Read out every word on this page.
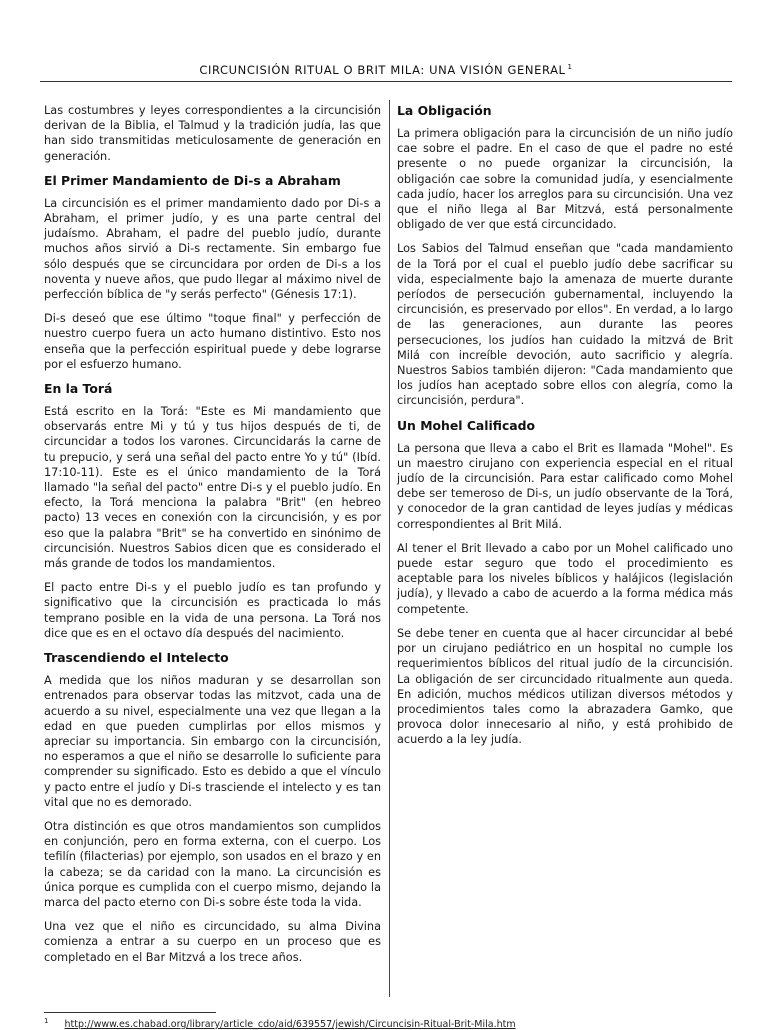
CIRCUNCISIÓN RITUAL O BRIT MILA: UNA VISIÓN GENERAL $^1$

Las costumbres y leyes correspondientes a la circuncisión derivan de la Biblia, el Talmud y la tradición judía, las que han sido transmitidas meticulosamente de generación en generación.

El Primer Mandamiento de Di-s a Abraham

La circuncisión es el primer mandamiento dado por Di-s a Abraham, el primer judío, y es una parte central del judaísmo. Abraham, el padre del pueblo judío, durante muchos años sirvió a Di-s rectamente. Sin embargo fue sólo después que se circuncidara por orden de Di-s a los noventa y nueve años, que pudo llegar al máximo nivel de perfección bíblica de "y serás perfecto" (Génesis 17:1).

Di-s deseó que ese último "toque final" y perfección de nuestro cuerpo fuera un acto humano distintivo. Esto nos enseña que la perfección espiritual puede y debe lograrse por el esfuerzo humano.

En la Torá

Está escrito en la Torá: "Este es Mi mandamiento que observarás entre Mi y tú y tus hijos después de ti, de circuncidar a todos los varones. Circuncidarás la carne de tu prepucio, y será una señal del pacto entre Yo y tú" (Ibíd. 17:10-11). Este es el único mandamiento de la Torá llamado "la señal del pacto" entre Di-s y el pueblo judío. En efecto, la Torá menciona la palabra "Brit" (en hebreo pacto) 13 veces en conexión con la circuncisión, y es por eso que la palabra "Brit" se ha convertido en sinónimo de circuncisión. Nuestros Sabios dicen que es considerado el más grande de todos los mandamientos.

El pacto entre Di-s y el pueblo judío es tan profundo y significativo que la circuncisión es practicada lo más temprano posible en la vida de una persona. La Torá nos dice que es en el octavo día después del nacimiento.

Trascendiendo el Intelecto

A medida que los niños maduran y se desarrollan son entrenados para observar todas las mitzvot, cada una de acuerdo a su nivel, especialmente una vez que llegan a la edad en que pueden cumplirlas por ellos mismos y apreciar su importancia. Sin embargo con la circuncisión, no esperamos a que el niño se desarrolle lo suficiente para comprender su significado. Esto es debido a que el vínculo y pacto entre el judío y Di-s trasciende el intelecto y es tan vital que no es demorado.

Otra distinción es que otros mandamientos son cumplidos en conjunción, pero en forma externa, con el cuerpo. Los tefilín (filacterias) por ejemplo, son usados en el brazo y en la cabeza; se da caridad con la mano. La circuncisión es única porque es cumplida con el cuerpo mismo, dejando la marca del pacto eterno con Di-s sobre éste toda la vida.

Una vez que el niño es circuncidado, su alma Divina comienza a entrar a su cuerpo en un proceso que es completado en el Bar Mitzvá a los trece años.

La Obligación

La primera obligación para la circuncisión de un niño judío cae sobre el padre. En el caso de que el padre no esté presente o no puede organizar la circuncisión, la obligación cae sobre la comunidad judía, y esencialmente cada judío, hacer los arreglos para su circuncisión. Una vez que el niño llega al Bar Mitzvá, está personalmente obligado de ver que está circuncidado.

Los Sabios del Talmud enseñan que "cada mandamiento de la Torá por el cual el pueblo judío debe sacrificar su vida, especialmente bajo la amenaza de muerte durante períodos de persecución gubernamental, incluyendo la circuncisión, es preservado por ellos". En verdad, a lo largo de las generaciones, aun durante las peores persecuciones, los judíos han cuidado la mitzvá de Brit Milá con increíble devoción, auto sacrificio y alegría. Nuestros Sabios también dijeron: "Cada mandamiento que los judíos han aceptado sobre ellos con alegría, como la circuncisión, perdura".

Un Mohel Calificado

La persona que lleva a cabo el Brit es llamada "Mohel". Es un maestro cirujano con experiencia especial en el ritual judío de la circuncisión. Para estar calificado como Mohel debe ser temeroso de Di-s, un judío observante de la Torá, y conocedor de la gran cantidad de leyes judías y médicas correspondientes al Brit Milá.

Al tener el Brit llevado a cabo por un Mohel calificado uno puede estar seguro que todo el procedimiento es aceptable para los niveles bíblicos y halájicos (legislación judía), y llevado a cabo de acuerdo a la forma médica más competente.

Se debe tener en cuenta que al hacer circuncidar al bebé por un cirujano pediátrico en un hospital no cumple los requerimientos bíblicos del ritual judío de la circuncisión. La obligación de ser circuncidado ritualmente aun queda. En adición, muchos médicos utilizan diversos métodos y procedimientos tales como la abrazadera Gamko, que provoca dolor innecesario al niño, y está prohibido de acuerdo a la ley judía.

$^1$ http://www.es.chabad.org/library/article_cdo/aid/639557/jewish/Circuncisin-Ritual-Brit-Mila.htm
